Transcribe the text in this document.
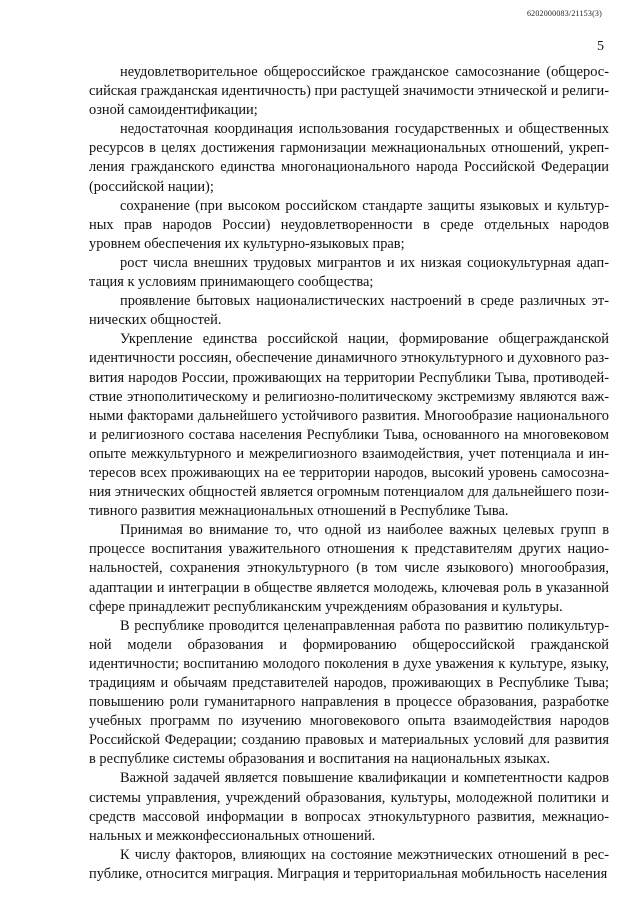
6202000083/21153(3)
5

неудовлетворительное общероссийское гражданское самосознание (общероссийская гражданская идентичность) при растущей значимости этнической и религиозной самоидентификации;

недостаточная координация использования государственных и общественных ресурсов в целях достижения гармонизации межнациональных отношений, укрепления гражданского единства многонационального народа Российской Федерации (российской нации);

сохранение (при высоком российском стандарте защиты языковых и культурных прав народов России) неудовлетворенности в среде отдельных народов уровнем обеспечения их культурно-языковых прав;

рост числа внешних трудовых мигрантов и их низкая социокультурная адаптация к условиям принимающего сообщества;

проявление бытовых националистических настроений в среде различных этнических общностей.

Укрепление единства российской нации, формирование общегражданской идентичности россиян, обеспечение динамичного этнокультурного и духовного развития народов России, проживающих на территории Республики Тыва, противодействие этнополитическому и религиозно-политическому экстремизму являются важными факторами дальнейшего устойчивого развития. Многообразие национального и религиозного состава населения Республики Тыва, основанного на многовековом опыте межкультурного и межрелигиозного взаимодействия, учет потенциала и интересов всех проживающих на ее территории народов, высокий уровень самосознания этнических общностей является огромным потенциалом для дальнейшего позитивного развития межнациональных отношений в Республике Тыва.

Принимая во внимание то, что одной из наиболее важных целевых групп в процессе воспитания уважительного отношения к представителям других национальностей, сохранения этнокультурного (в том числе языкового) многообразия, адаптации и интеграции в обществе является молодежь, ключевая роль в указанной сфере принадлежит республиканским учреждениям образования и культуры.

В республике проводится целенаправленная работа по развитию поликультурной модели образования и формированию общероссийской гражданской идентичности; воспитанию молодого поколения в духе уважения к культуре, языку, традициям и обычаям представителей народов, проживающих в Республике Тыва; повышению роли гуманитарного направления в процессе образования, разработке учебных программ по изучению многовекового опыта взаимодействия народов Российской Федерации; созданию правовых и материальных условий для развития в республике системы образования и воспитания на национальных языках.

Важной задачей является повышение квалификации и компетентности кадров системы управления, учреждений образования, культуры, молодежной политики и средств массовой информации в вопросах этнокультурного развития, межнациональных и межконфессиональных отношений.

К числу факторов, влияющих на состояние межэтнических отношений в республике, относится миграция. Миграция и территориальная мобильность населения
